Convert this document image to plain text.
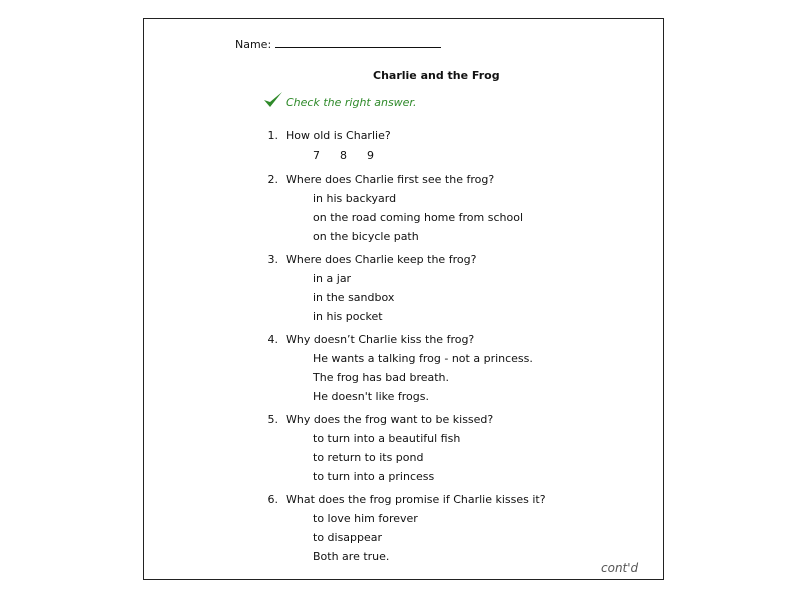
Name:
Charlie and the Frog
Check the right answer.
1. How old is Charlie?
7 8 9
2. Where does Charlie first see the frog?
in his backyard
on the road coming home from school
on the bicycle path
3. Where does Charlie keep the frog?
in a jar
in the sandbox
in his pocket
4. Why doesn’t Charlie kiss the frog?
He wants a talking frog - not a princess.
The frog has bad breath.
He doesn't like frogs.
5. Why does the frog want to be kissed?
to turn into a beautiful fish
to return to its pond
to turn into a princess
6. What does the frog promise if Charlie kisses it?
to love him forever
to disappear
Both are true.
cont'd
